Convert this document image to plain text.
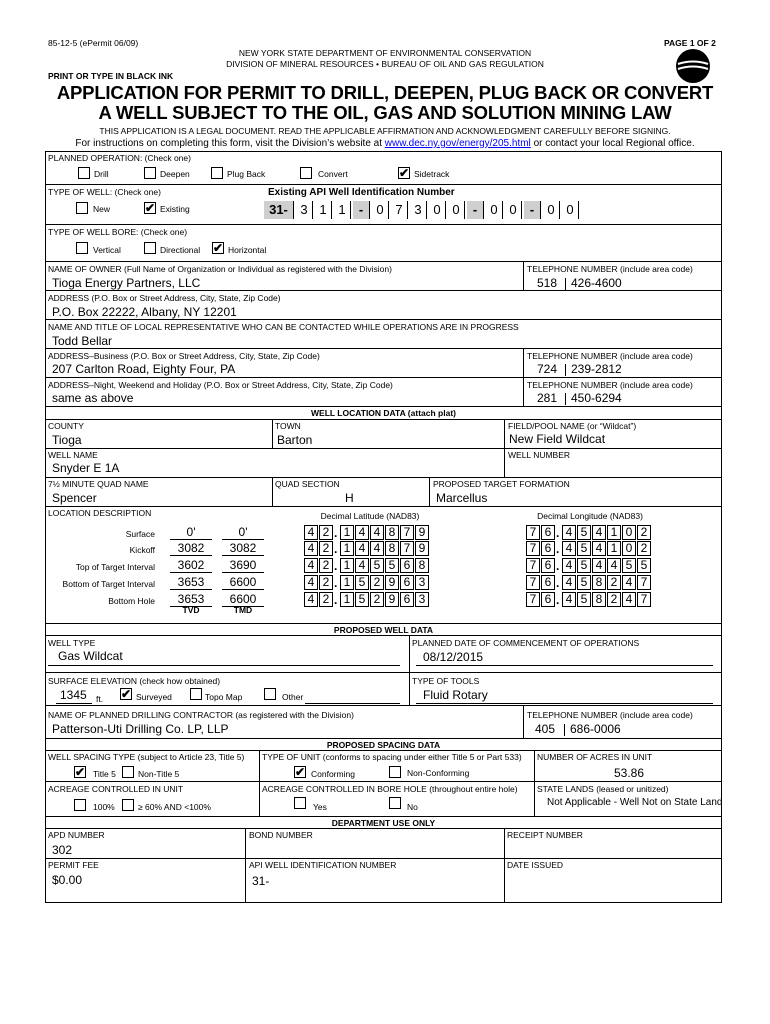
85-12-5 (ePermit 06/09)	PAGE 1 OF 2
NEW YORK STATE DEPARTMENT OF ENVIRONMENTAL CONSERVATION
DIVISION OF MINERAL RESOURCES • BUREAU OF OIL AND GAS REGULATION
PRINT OR TYPE IN BLACK INK
APPLICATION FOR PERMIT TO DRILL, DEEPEN, PLUG BACK OR CONVERT
A WELL SUBJECT TO THE OIL, GAS AND SOLUTION MINING LAW
THIS APPLICATION IS A LEGAL DOCUMENT. READ THE APPLICABLE AFFIRMATION AND ACKNOWLEDGMENT CAREFULLY BEFORE SIGNING.
For instructions on completing this form, visit the Division’s website at www.dec.ny.gov/energy/205.html or contact your local Regional office.
PLANNED OPERATION: (Check one)
Drill	Deepen	Plug Back	Convert	✔ Sidetrack
TYPE OF WELL: (Check one)
New	✔ Existing
Existing API Well Identification Number
31- 3 1 1	-	0 7 3 0 0	-	0 0	-	0 0
TYPE OF WELL BORE: (Check one)
Vertical	Directional ✔ Horizontal
NAME OF OWNER (Full Name of Organization or Individual as registered with the Division)
Tioga Energy Partners, LLC
TELEPHONE NUMBER (include area code)
518 426-4600
ADDRESS (P.O. Box or Street Address, City, State, Zip Code)
P.O. Box 22222, Albany, NY 12201
NAME AND TITLE OF LOCAL REPRESENTATIVE WHO CAN BE CONTACTED WHILE OPERATIONS ARE IN PROGRESS
Todd Bellar
ADDRESS–Business (P.O. Box or Street Address, City, State, Zip Code)
207 Carlton Road, Eighty Four, PA
TELEPHONE NUMBER (include area code)
724 239-2812
ADDRESS–Night, Weekend and Holiday (P.O. Box or Street Address, City, State, Zip Code)
same as above
TELEPHONE NUMBER (include area code)
281 450-6294
WELL LOCATION DATA (attach plat)
COUNTY
Tioga
TOWN
Barton
FIELD/POOL NAME (or “Wildcat”)
New Field Wildcat
WELL NAME
Snyder E 1A
WELL NUMBER
7½ MINUTE QUAD NAME
Spencer
QUAD SECTION
H
PROPOSED TARGET FORMATION
Marcellus
LOCATION DESCRIPTION	Decimal Latitude (NAD83)	Decimal Longitude (NAD83)
Surface	0'	0'	4 2 . 1 4 4 8 7 9	7 6 . 4 5 4 1 0 2
Kickoff	3082	3082	4 2 . 1 4 4 8 7 9	7 6 . 4 5 4 1 0 2
Top of Target Interval	3602	3690	4 2 . 1 4 5 5 6 8	7 6 . 4 5 4 4 5 5
Bottom of Target Interval	3653	6600	4 2 . 1 5 2 9 6 3	7 6 . 4 5 8 2 4 7
Bottom Hole	3653	6600	4 2 . 1 5 2 9 6 3	7 6 . 4 5 8 2 4 7
TVD	TMD
PROPOSED WELL DATA
WELL TYPE
Gas Wildcat
PLANNED DATE OF COMMENCEMENT OF OPERATIONS
08/12/2015
SURFACE ELEVATION (check how obtained)
1345 ft. ✔ Surveyed	Topo Map	Other
TYPE OF TOOLS
Fluid Rotary
NAME OF PLANNED DRILLING CONTRACTOR (as registered with the Division)
Patterson-Uti Drilling Co. LP, LLP
TELEPHONE NUMBER (include area code)
405 686-0006
PROPOSED SPACING DATA
WELL SPACING TYPE (subject to Article 23, Title 5)
✔ Title 5	Non-Title 5
TYPE OF UNIT (conforms to spacing under either Title 5 or Part 533)
✔ Conforming	Non-Conforming
NUMBER OF ACRES IN UNIT
53.86
ACREAGE CONTROLLED IN UNIT
100%	≥ 60% AND <100%
ACREAGE CONTROLLED IN BORE HOLE (throughout entire hole)
Yes	No
STATE LANDS (leased or unitized)
Not Applicable - Well Not on State Land
DEPARTMENT USE ONLY
APD NUMBER
302
BOND NUMBER	RECEIPT NUMBER
PERMIT FEE
$0.00
API WELL IDENTIFICATION NUMBER
31-
DATE ISSUED
